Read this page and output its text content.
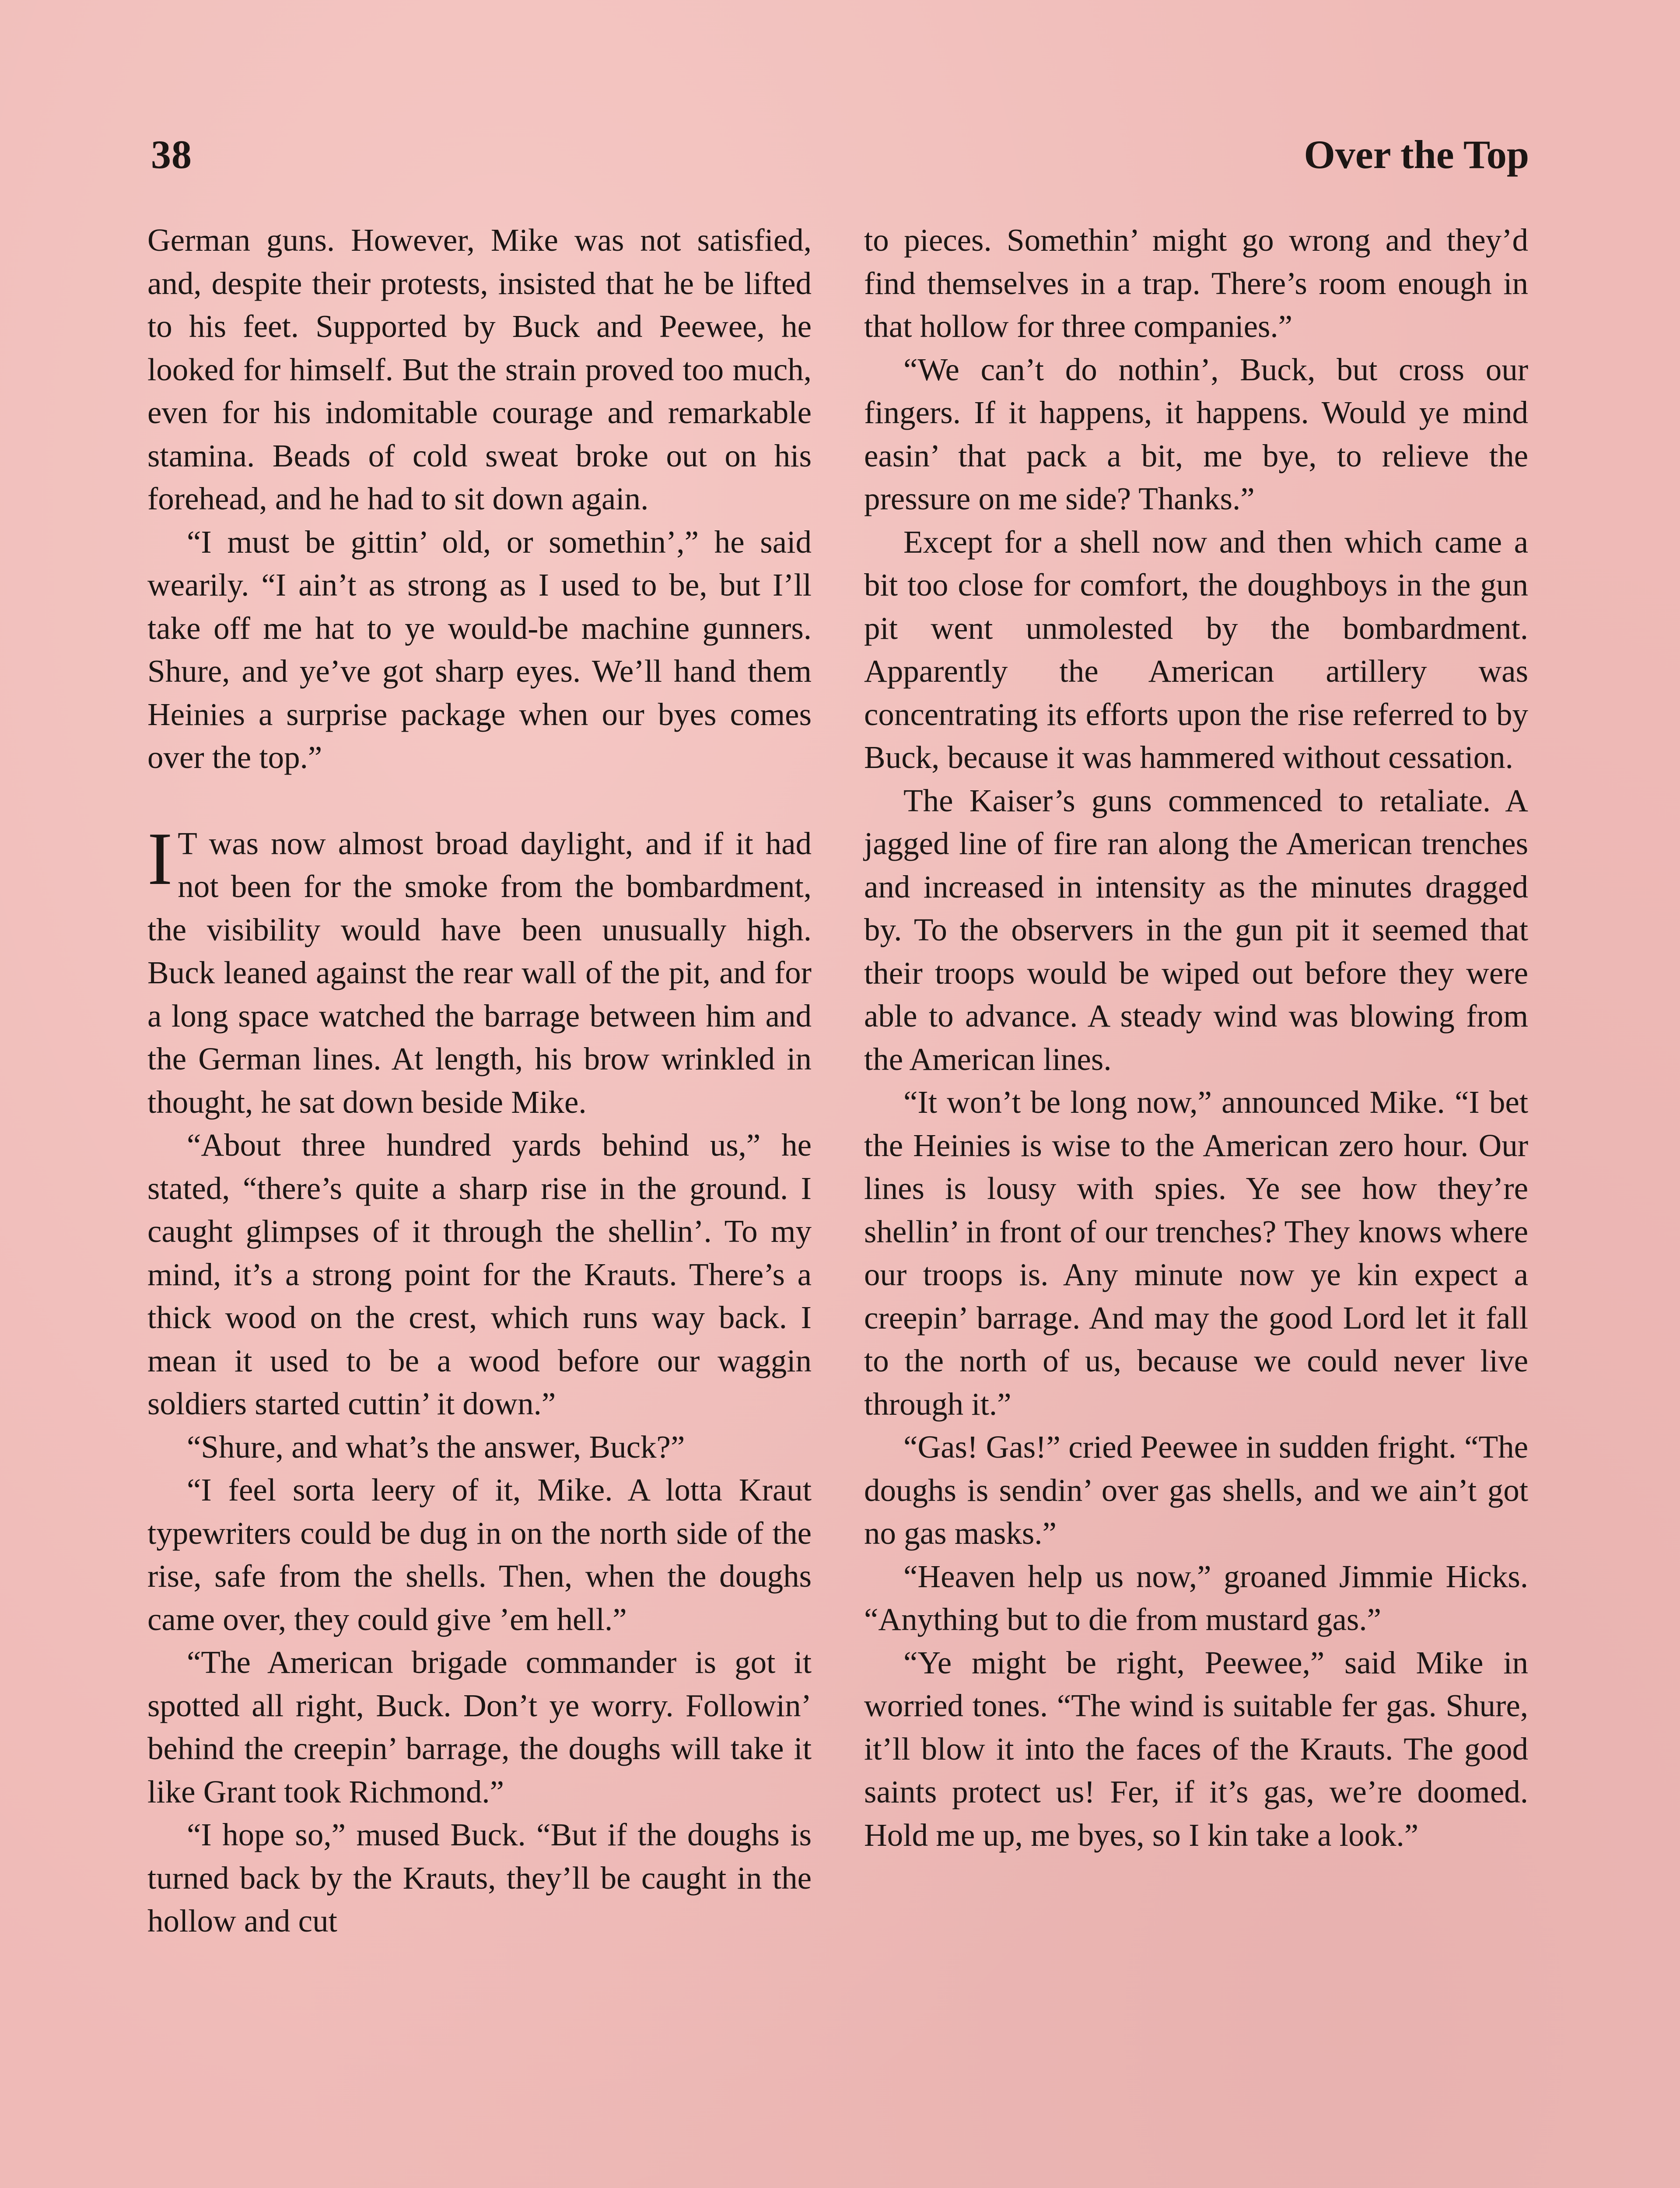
38	Over the Top

German guns. However, Mike was not satisfied, and, despite their protests, insisted that he be lifted to his feet. Supported by Buck and Peewee, he looked for himself. But the strain proved too much, even for his indomitable courage and remarkable stamina. Beads of cold sweat broke out on his forehead, and he had to sit down again.

“I must be gittin’ old, or somethin’,” he said wearily. “I ain’t as strong as I used to be, but I’ll take off me hat to ye would-be machine gunners. Shure, and ye’ve got sharp eyes. We’ll hand them Heinies a surprise package when our byes comes over the top.”

I T was now almost broad daylight, and if it had not been for the smoke from the bombardment, the visibility would have been unusually high. Buck leaned against the rear wall of the pit, and for a long space watched the barrage between him and the German lines. At length, his brow wrinkled in thought, he sat down beside Mike.

“About three hundred yards behind us,” he stated, “there’s quite a sharp rise in the ground. I caught glimpses of it through the shellin’. To my mind, it’s a strong point for the Krauts. There’s a thick wood on the crest, which runs way back. I mean it used to be a wood before our waggin soldiers started cuttin’ it down.”

“Shure, and what’s the answer, Buck?”

“I feel sorta leery of it, Mike. A lotta Kraut typewriters could be dug in on the north side of the rise, safe from the shells. Then, when the doughs came over, they could give ’em hell.”

“The American brigade commander is got it spotted all right, Buck. Don’t ye worry. Followin’ behind the creepin’ barrage, the doughs will take it like Grant took Richmond.”

“I hope so,” mused Buck. “But if the doughs is turned back by the Krauts, they’ll be caught in the hollow and cut

to pieces. Somethin’ might go wrong and they’d find themselves in a trap. There’s room enough in that hollow for three companies.”

“We can’t do nothin’, Buck, but cross our fingers. If it happens, it happens. Would ye mind easin’ that pack a bit, me bye, to relieve the pressure on me side? Thanks.”

Except for a shell now and then which came a bit too close for comfort, the doughboys in the gun pit went unmolested by the bombardment. Apparently the American artillery was concentrating its efforts upon the rise referred to by Buck, because it was hammered without cessation.

The Kaiser’s guns commenced to retaliate. A jagged line of fire ran along the American trenches and increased in intensity as the minutes dragged by. To the observers in the gun pit it seemed that their troops would be wiped out before they were able to advance. A steady wind was blowing from the American lines.

“It won’t be long now,” announced Mike. “I bet the Heinies is wise to the American zero hour. Our lines is lousy with spies. Ye see how they’re shellin’ in front of our trenches? They knows where our troops is. Any minute now ye kin expect a creepin’ barrage. And may the good Lord let it fall to the north of us, because we could never live through it.”

“Gas! Gas!” cried Peewee in sudden fright. “The doughs is sendin’ over gas shells, and we ain’t got no gas masks.”

“Heaven help us now,” groaned Jimmie Hicks. “Anything but to die from mustard gas.”

“Ye might be right, Peewee,” said Mike in worried tones. “The wind is suitable fer gas. Shure, it’ll blow it into the faces of the Krauts. The good saints protect us! Fer, if it’s gas, we’re doomed. Hold me up, me byes, so I kin take a look.”
